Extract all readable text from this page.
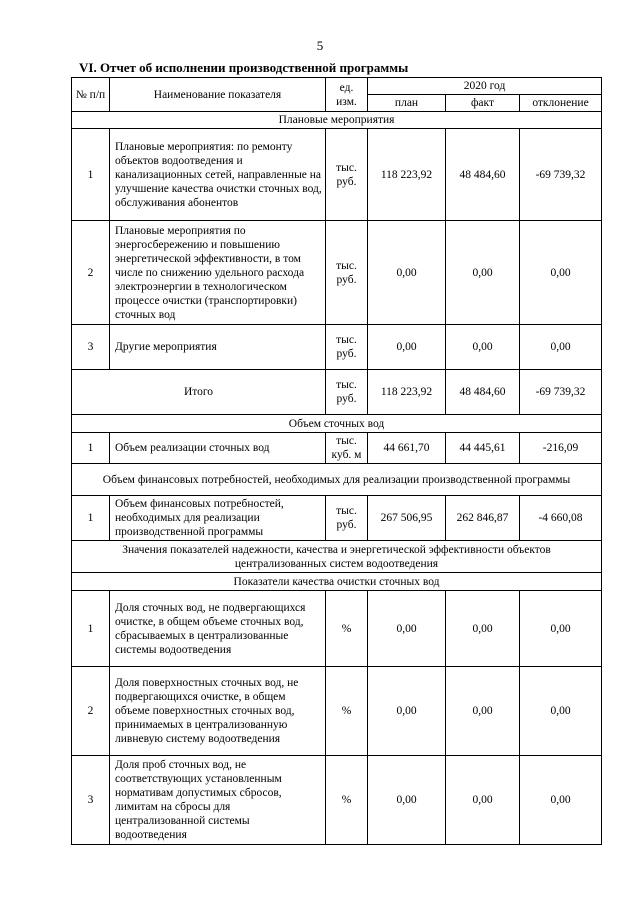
5
VI. Отчет об исполнении производственной программы
№ п/п	Наименование показателя	ед. изм.	2020 год		
			план	факт	отклонение
Плановые мероприятия					
1	Плановые мероприятия: по ремонту объектов водоотведения и канализационных сетей, направленные на улучшение качества очистки сточных вод, обслуживания абонентов	тыс. руб.	118 223,92	48 484,60	-69 739,32
2	Плановые мероприятия по энергосбережению и повышению энергетической эффективности, в том числе по снижению удельного расхода электроэнергии в технологическом процессе очистки (транспортировки) сточных вод	тыс. руб.	0,00	0,00	0,00
3	Другие мероприятия	тыс. руб.	0,00	0,00	0,00
Итого		тыс. руб.	118 223,92	48 484,60	-69 739,32
Объем сточных вод					
1	Объем реализации сточных вод	тыс. куб. м	44 661,70	44 445,61	-216,09
Объем финансовых потребностей, необходимых для реализации производственной программы					
1	Объем финансовых потребностей, необходимых для реализации производственной программы	тыс. руб.	267 506,95	262 846,87	-4 660,08
Значения показателей надежности, качества и энергетической эффективности объектов централизованных систем водоотведения					
Показатели качества очистки сточных вод					
1	Доля сточных вод, не подвергающихся очистке, в общем объеме сточных вод, сбрасываемых в централизованные системы водоотведения	%	0,00	0,00	0,00
2	Доля поверхностных сточных вод, не подвергающихся очистке, в общем объеме поверхностных сточных вод, принимаемых в централизованную ливневую систему водоотведения	%	0,00	0,00	0,00
3	Доля проб сточных вод, не соответствующих установленным нормативам допустимых сбросов, лимитам на сбросы для централизованной системы водоотведения	%	0,00	0,00	0,00
